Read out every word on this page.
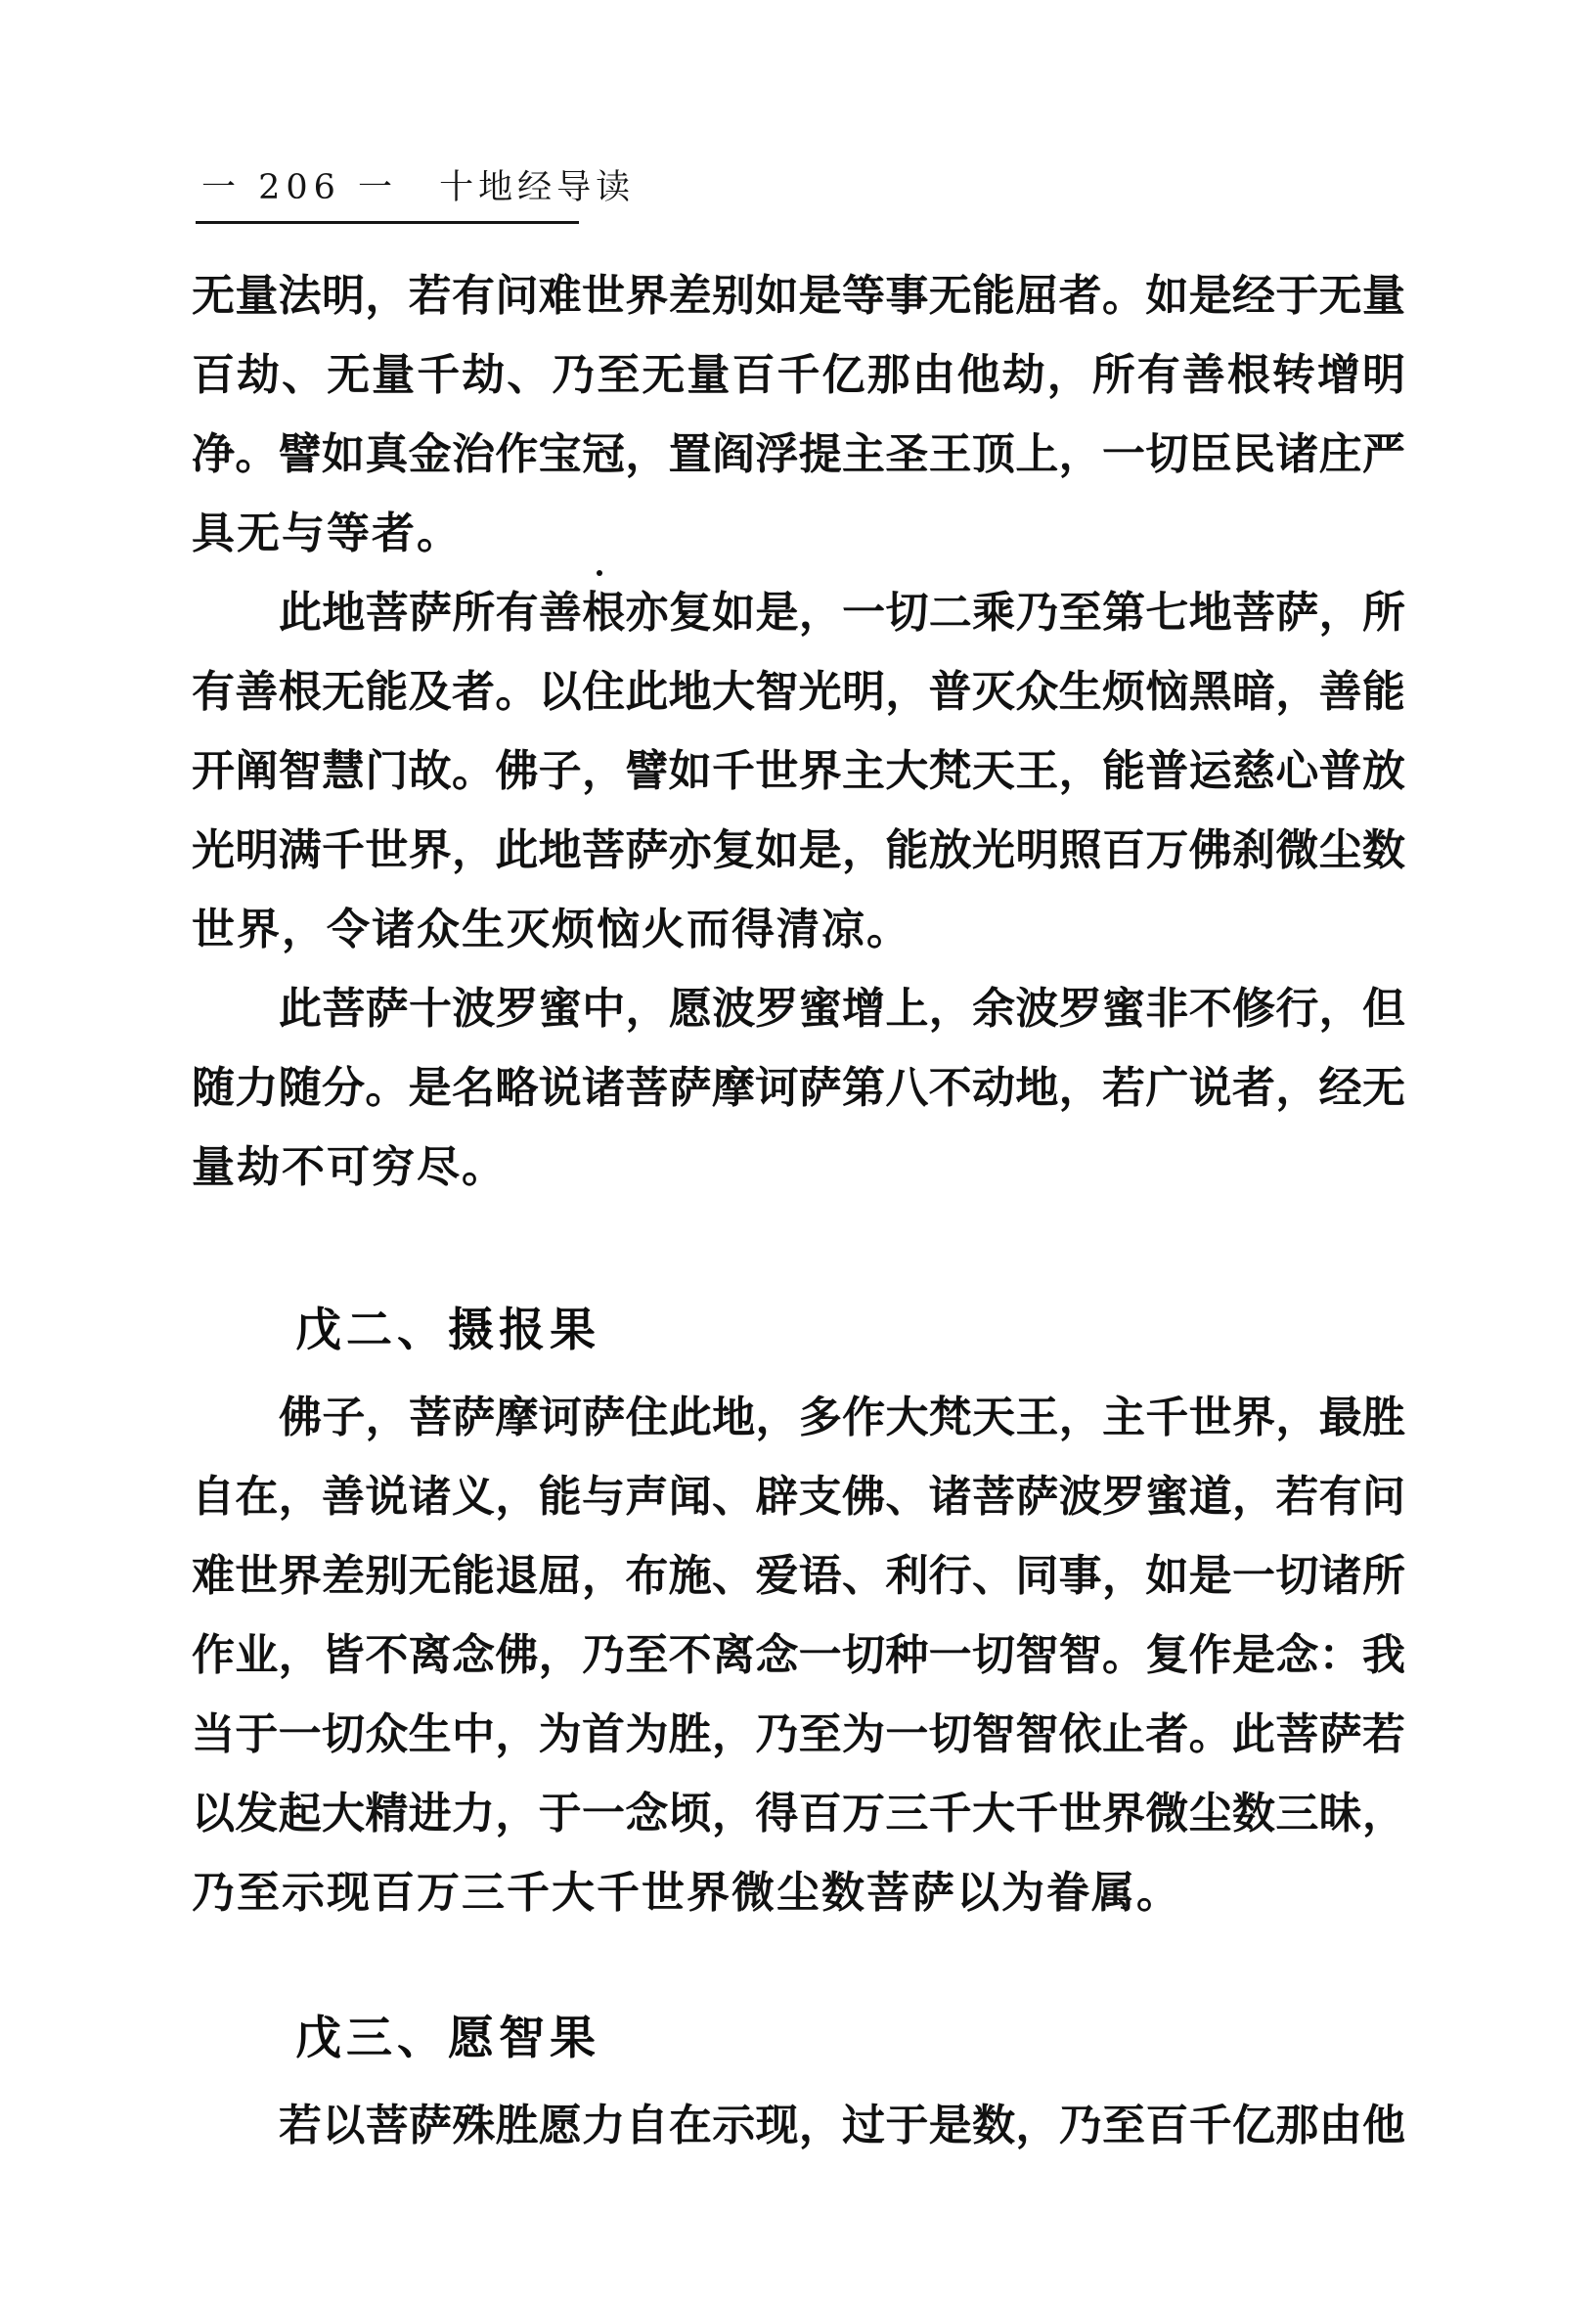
一 206 一 十地经导读
无量法明，若有问难世界差别如是等事无能屈者。如是经于无量
百劫、无量千劫、乃至无量百千亿那由他劫，所有善根转增明
净。譬如真金治作宝冠，置阎浮提主圣王顶上，一切臣民诸庄严
具无与等者。
此地菩萨所有善根亦复如是，一切二乘乃至第七地菩萨，所
有善根无能及者。以住此地大智光明，普灭众生烦恼黑暗，善能
开阐智慧门故。佛子，譬如千世界主大梵天王，能普运慈心普放
光明满千世界，此地菩萨亦复如是，能放光明照百万佛刹微尘数
世界，令诸众生灭烦恼火而得清凉。
此菩萨十波罗蜜中，愿波罗蜜增上，余波罗蜜非不修行，但
随力随分。是名略说诸菩萨摩诃萨第八不动地，若广说者，经无
量劫不可穷尽。
戊二、摄报果
佛子，菩萨摩诃萨住此地，多作大梵天王，主千世界，最胜
自在，善说诸义，能与声闻、辟支佛、诸菩萨波罗蜜道，若有问
难世界差别无能退屈，布施、爱语、利行、同事，如是一切诸所
作业，皆不离念佛，乃至不离念一切种一切智智。复作是念：我
当于一切众生中，为首为胜，乃至为一切智智依止者。此菩萨若
以发起大精进力，于一念顷，得百万三千大千世界微尘数三昧，
乃至示现百万三千大千世界微尘数菩萨以为眷属。
戊三、愿智果
若以菩萨殊胜愿力自在示现，过于是数，乃至百千亿那由他
